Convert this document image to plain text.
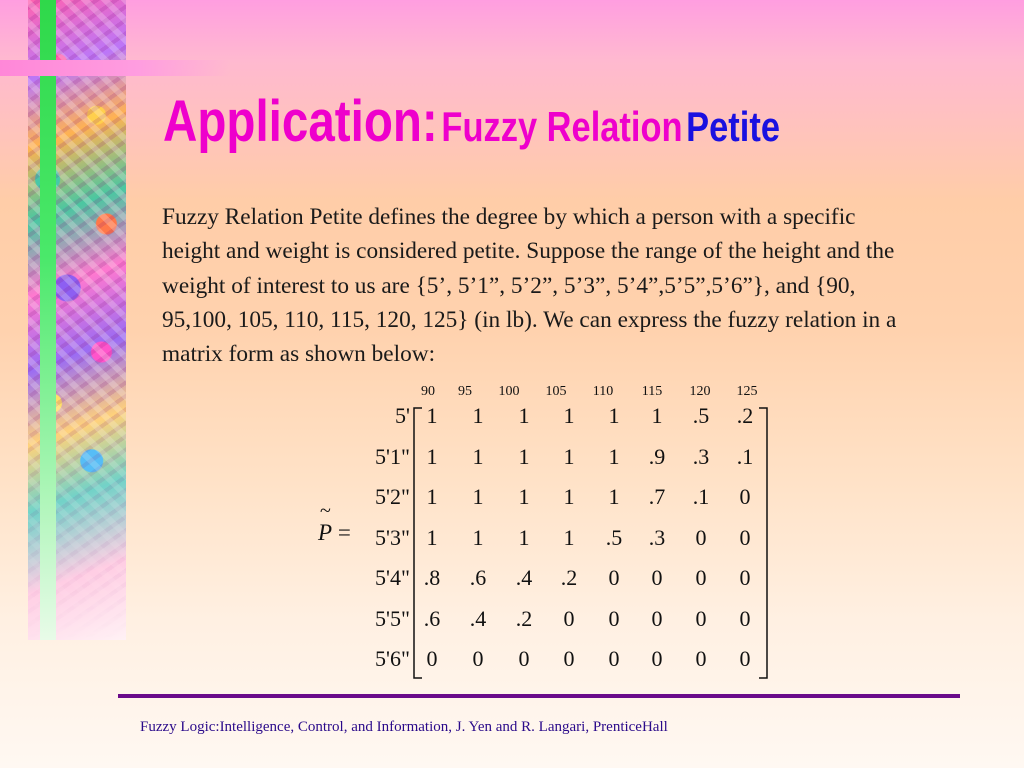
Application: Fuzzy Relation Petite
Fuzzy Relation Petite defines the degree by which a person with a specific height and weight is considered petite. Suppose the range of the height and the weight of interest to us are {5’, 5’1”, 5’2”, 5’3”, 5’4”,5’5”,5’6”}, and {90, 95,100, 105, 110, 115, 120, 125} (in lb). We can express the fuzzy relation in a matrix form as shown below:
90 95 100 105 110 115 120 125
~
P =
5' 1 1 1 1 1 1 .5 .2
5'1" 1 1 1 1 1 .9 .3 .1
5'2" 1 1 1 1 1 .7 .1 0
5'3" 1 1 1 1 .5 .3 0 0
5'4" .8 .6 .4 .2 0 0 0 0
5'5" .6 .4 .2 0 0 0 0 0
5'6" 0 0 0 0 0 0 0 0
Fuzzy Logic:Intelligence, Control, and Information, J. Yen and R. Langari, PrenticeHall
